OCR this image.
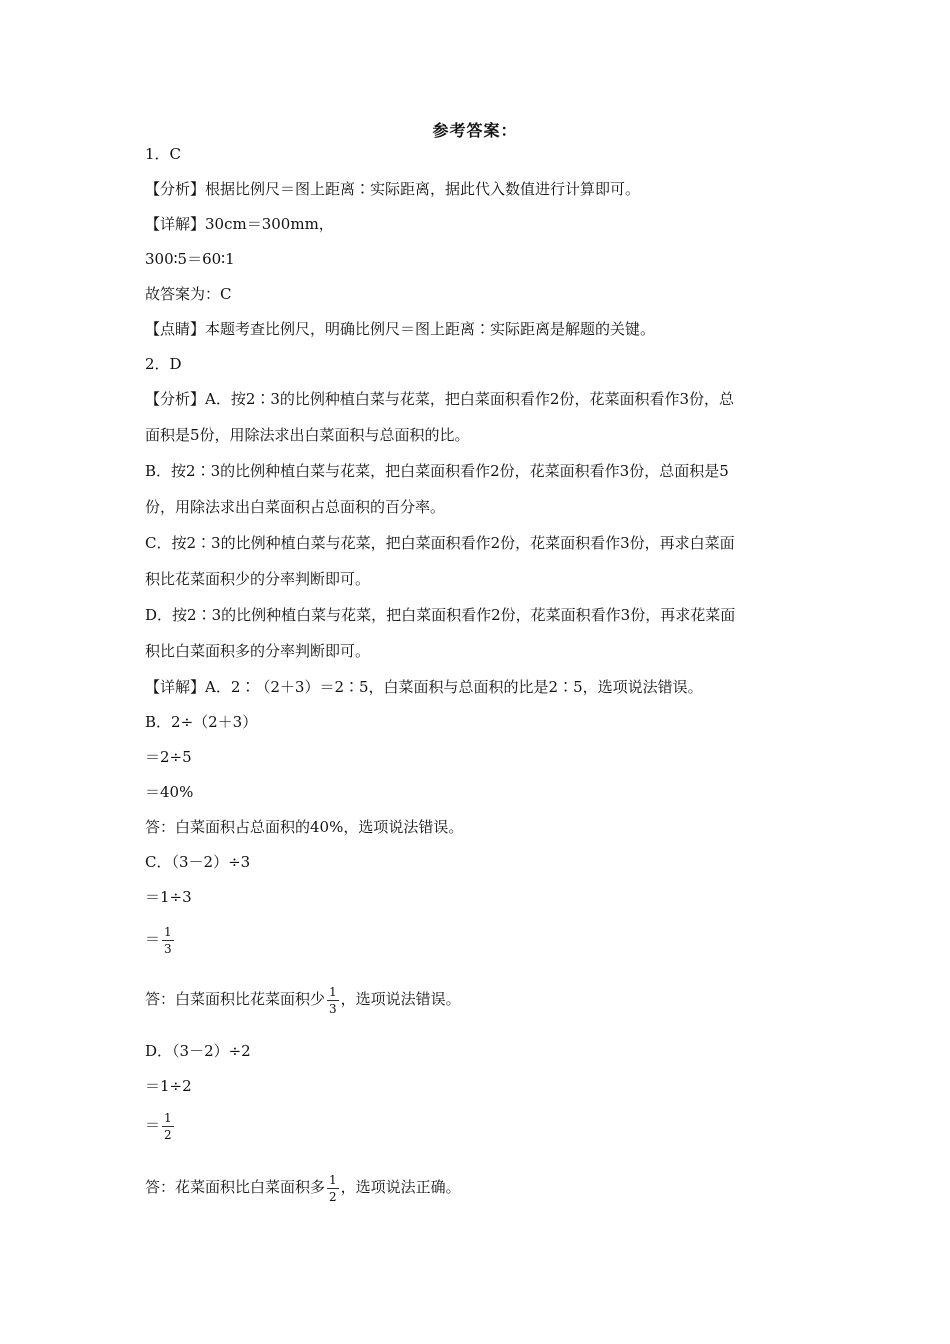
参考答案：
1．C
【分析】根据比例尺＝图上距离∶实际距离，据此代入数值进行计算即可。
【详解】30cm＝300mm，
300∶5＝60∶1
故答案为：C
【点睛】本题考查比例尺，明确比例尺＝图上距离∶实际距离是解题的关键。
2．D
【分析】A．按2∶3的比例种植白菜与花菜，把白菜面积看作2份，花菜面积看作3份，总
面积是5份，用除法求出白菜面积与总面积的比。
B．按2∶3的比例种植白菜与花菜，把白菜面积看作2份，花菜面积看作3份，总面积是5
份，用除法求出白菜面积占总面积的百分率。
C．按2∶3的比例种植白菜与花菜，把白菜面积看作2份，花菜面积看作3份，再求白菜面
积比花菜面积少的分率判断即可。
D．按2∶3的比例种植白菜与花菜，把白菜面积看作2份，花菜面积看作3份，再求花菜面
积比白菜面积多的分率判断即可。
【详解】A．2∶（2＋3）＝2∶5，白菜面积与总面积的比是2∶5，选项说法错误。
B．2÷（2＋3）
＝2÷5
＝40%
答：白菜面积占总面积的40%，选项说法错误。
C．（3－2）÷3
＝1÷3
＝ $\frac{1}{3}$
答：白菜面积比花菜面积少 $\frac{1}{3}$ ，选项说法错误。
D．（3－2）÷2
＝1÷2
＝ $\frac{1}{2}$
答：花菜面积比白菜面积多 $\frac{1}{2}$ ，选项说法正确。
